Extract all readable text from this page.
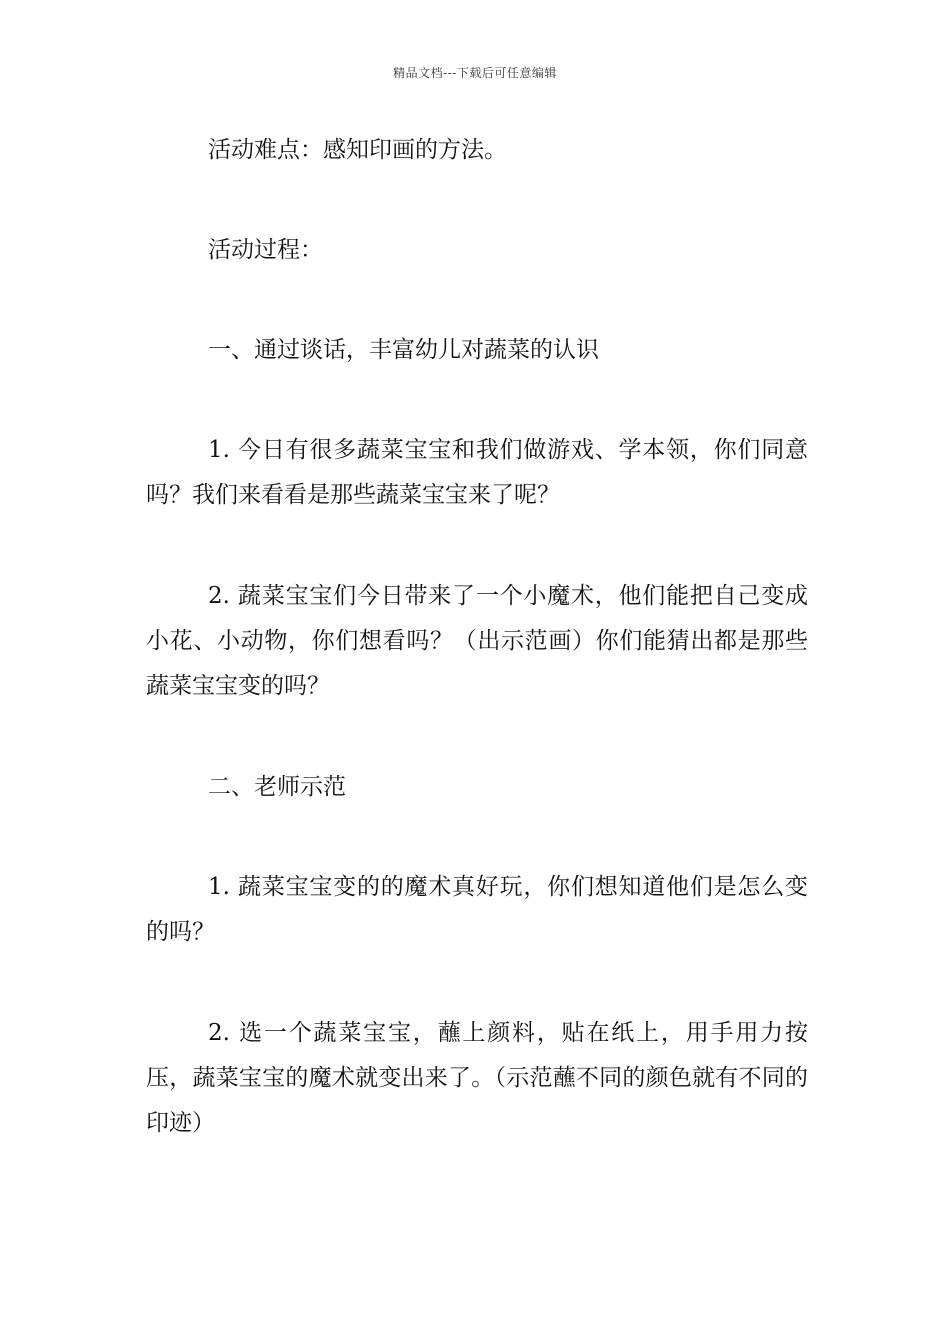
精品文档---下载后可任意编辑

活动难点：感知印画的方法。

活动过程：

一、通过谈话，丰富幼儿对蔬菜的认识

1. 今日有很多蔬菜宝宝和我们做游戏、学本领，你们同意吗？我们来看看是那些蔬菜宝宝来了呢？

2. 蔬菜宝宝们今日带来了一个小魔术，他们能把自己变成小花、小动物，你们想看吗？（出示范画）你们能猜出都是那些蔬菜宝宝变的吗？

二、老师示范

1. 蔬菜宝宝变的的魔术真好玩，你们想知道他们是怎么变的吗？

2. 选一个蔬菜宝宝，蘸上颜料，贴在纸上，用手用力按压，蔬菜宝宝的魔术就变出来了。（示范蘸不同的颜色就有不同的印迹）
